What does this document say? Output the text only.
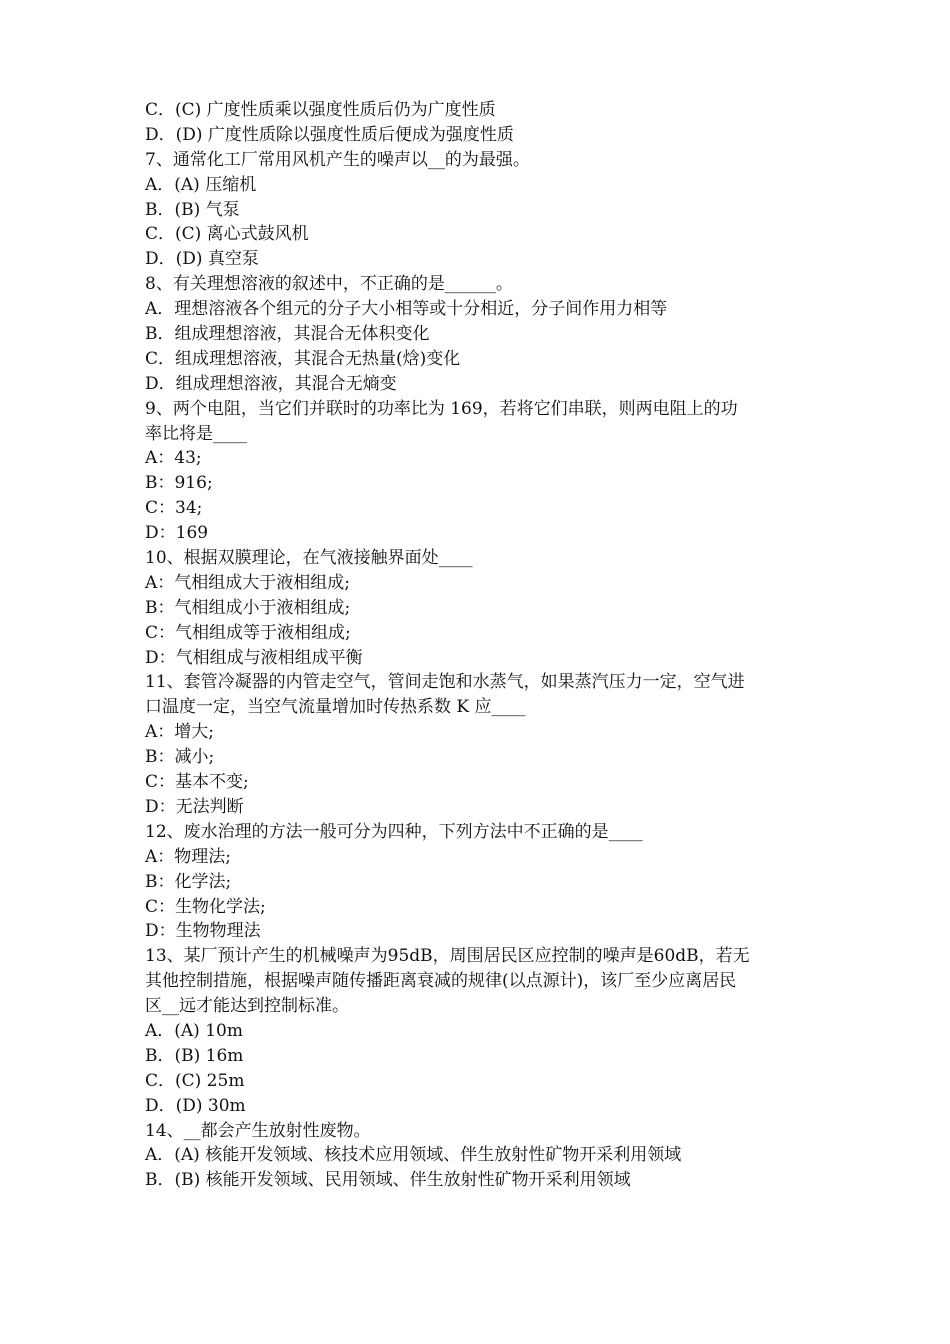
C．(C) 广度性质乘以强度性质后仍为广度性质
D．(D) 广度性质除以强度性质后便成为强度性质
7、通常化工厂常用风机产生的噪声以__的为最强。
A．(A) 压缩机
B．(B) 气泵
C．(C) 离心式鼓风机
D．(D) 真空泵
8、有关理想溶液的叙述中，不正确的是______。
A．理想溶液各个组元的分子大小相等或十分相近，分子间作用力相等
B．组成理想溶液，其混合无体积变化
C．组成理想溶液，其混合无热量(焓)变化
D．组成理想溶液，其混合无熵变
9、两个电阻，当它们并联时的功率比为 169，若将它们串联，则两电阻上的功
率比将是____
A：43;
B：916;
C：34;
D：169
10、根据双膜理论，在气液接触界面处____
A：气相组成大于液相组成;
B：气相组成小于液相组成;
C：气相组成等于液相组成;
D：气相组成与液相组成平衡
11、套管冷凝器的内管走空气，管间走饱和水蒸气，如果蒸汽压力一定，空气进
口温度一定，当空气流量增加时传热系数 K 应____
A：增大;
B：减小;
C：基本不变;
D：无法判断
12、废水治理的方法一般可分为四种，下列方法中不正确的是____
A：物理法;
B：化学法;
C：生物化学法;
D：生物物理法
13、某厂预计产生的机械噪声为95dB，周围居民区应控制的噪声是60dB，若无
其他控制措施，根据噪声随传播距离衰减的规律(以点源计)，该厂至少应离居民
区__远才能达到控制标准。
A．(A) 10m
B．(B) 16m
C．(C) 25m
D．(D) 30m
14、__都会产生放射性废物。
A．(A) 核能开发领域、核技术应用领域、伴生放射性矿物开采利用领域
B．(B) 核能开发领域、民用领域、伴生放射性矿物开采利用领域
